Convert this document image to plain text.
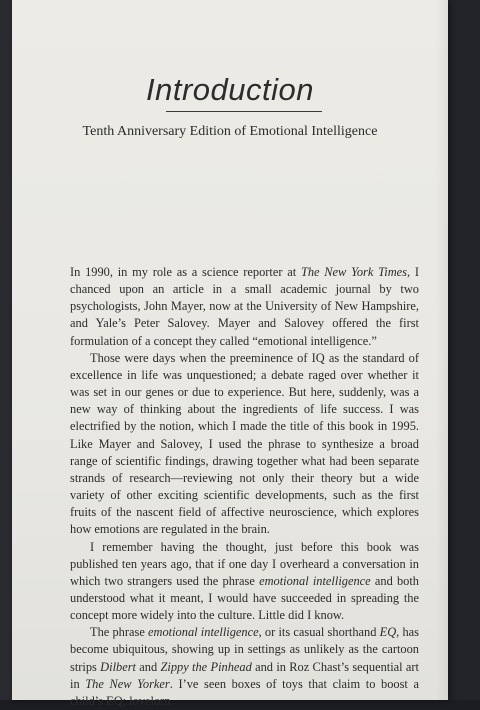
Introduction
Tenth Anniversary Edition of Emotional Intelligence

In 1990, in my role as a science reporter at The New York Times, I chanced upon an article in a small academic journal by two psychologists, John Mayer, now at the University of New Hampshire, and Yale’s Peter Salovey. Mayer and Salovey offered the first formulation of a concept they called “emotional intelligence.”

Those were days when the preeminence of IQ as the standard of excellence in life was unquestioned; a debate raged over whether it was set in our genes or due to experience. But here, suddenly, was a new way of thinking about the ingredients of life success. I was electrified by the notion, which I made the title of this book in 1995. Like Mayer and Salovey, I used the phrase to synthesize a broad range of scientific findings, drawing together what had been separate strands of research—reviewing not only their theory but a wide variety of other exciting scientific developments, such as the first fruits of the nascent field of affective neuroscience, which explores how emotions are regulated in the brain.

I remember having the thought, just before this book was published ten years ago, that if one day I overheard a conversation in which two strangers used the phrase emotional intelligence and both understood what it meant, I would have succeeded in spreading the concept more widely into the culture. Little did I know.

The phrase emotional intelligence, or its casual shorthand EQ, has become ubiquitous, showing up in settings as unlikely as the cartoon strips Dilbert and Zippy the Pinhead and in Roz Chast’s sequential art in The New Yorker. I’ve seen boxes of toys that claim to boost a child’s EQ; lovelorn
